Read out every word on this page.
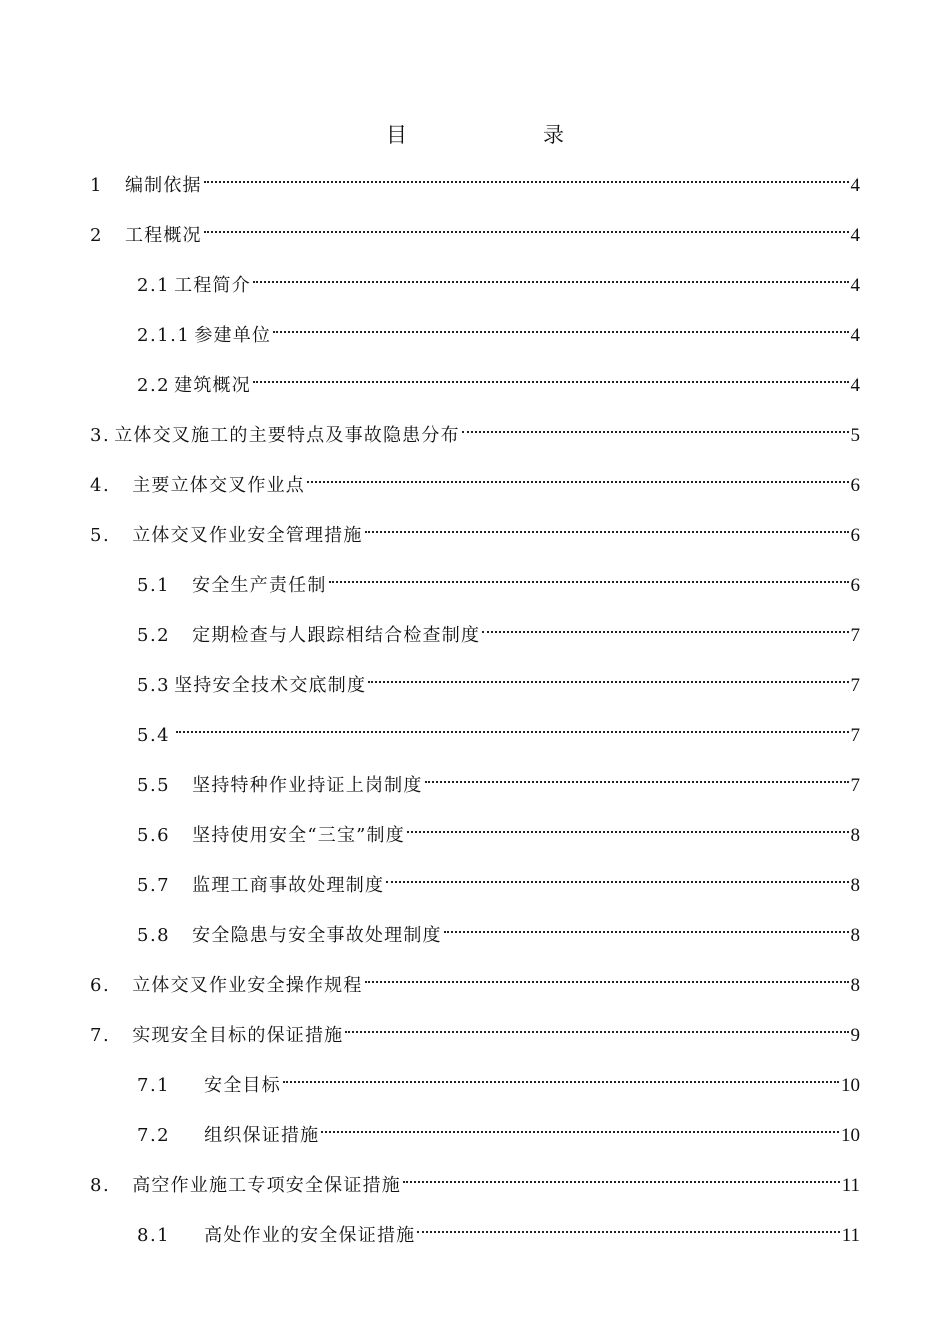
目	录
1 编制依据	4
2 工程概况	4
2.1 工程简介	4
2.1.1 参建单位	4
2.2 建筑概况	4
3. 立体交叉施工的主要特点及事故隐患分布	5
4. 主要立体交叉作业点	6
5. 立体交叉作业安全管理措施	6
5.1 安全生产责任制	6
5.2 定期检查与人跟踪相结合检查制度	7
5.3 坚持安全技术交底制度	7
5.4	7
5.5 坚持特种作业持证上岗制度	7
5.6 坚持使用安全“三宝”制度	8
5.7 监理工商事故处理制度	8
5.8 安全隐患与安全事故处理制度	8
6. 立体交叉作业安全操作规程	8
7. 实现安全目标的保证措施	9
7.1 安全目标	10
7.2 组织保证措施	10
8. 高空作业施工专项安全保证措施	11
8.1 高处作业的安全保证措施	11
